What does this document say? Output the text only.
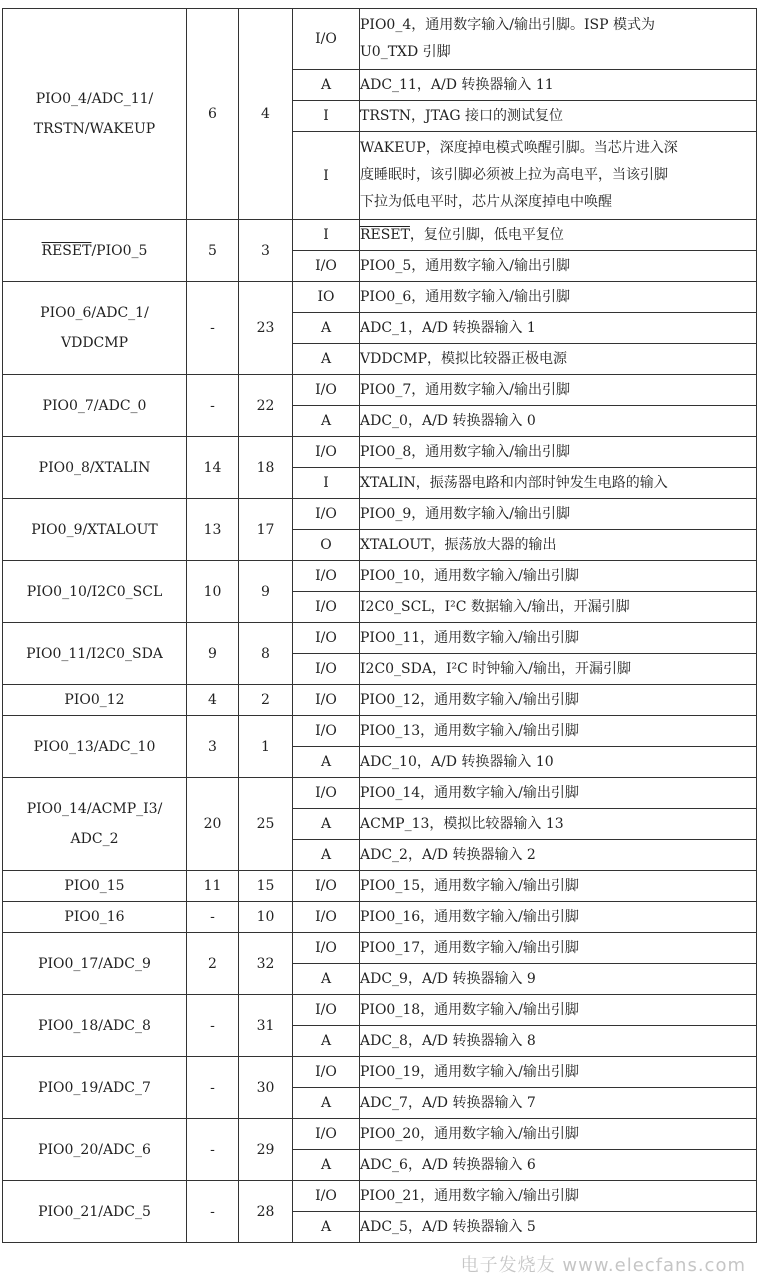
PIO0_4/ADC_11/
TRSTN/WAKEUP	6	4	I/O	PIO0_4，通用数字输入/输出引脚。ISP 模式为
U0_TXD 引脚
			A	ADC_11，A/D 转换器输入 11
			I	TRSTN，JTAG 接口的测试复位
			I	WAKEUP，深度掉电模式唤醒引脚。当芯片进入深
度睡眠时，该引脚必须被上拉为高电平，当该引脚
下拉为低电平时，芯片从深度掉电中唤醒
RESET/PIO0_5	5	3	I	RESET，复位引脚，低电平复位
			I/O	PIO0_5，通用数字输入/输出引脚
PIO0_6/ADC_1/
VDDCMP	-	23	IO	PIO0_6，通用数字输入/输出引脚
			A	ADC_1，A/D 转换器输入 1
			A	VDDCMP，模拟比较器正极电源
PIO0_7/ADC_0	-	22	I/O	PIO0_7，通用数字输入/输出引脚
			A	ADC_0，A/D 转换器输入 0
PIO0_8/XTALIN	14	18	I/O	PIO0_8，通用数字输入/输出引脚
			I	XTALIN，振荡器电路和内部时钟发生电路的输入
PIO0_9/XTALOUT	13	17	I/O	PIO0_9，通用数字输入/输出引脚
			O	XTALOUT，振荡放大器的输出
PIO0_10/I2C0_SCL	10	9	I/O	PIO0_10，通用数字输入/输出引脚
			I/O	I2C0_SCL，I²C 数据输入/输出，开漏引脚
PIO0_11/I2C0_SDA	9	8	I/O	PIO0_11，通用数字输入/输出引脚
			I/O	I2C0_SDA，I²C 时钟输入/输出，开漏引脚
PIO0_12	4	2	I/O	PIO0_12，通用数字输入/输出引脚
PIO0_13/ADC_10	3	1	I/O	PIO0_13，通用数字输入/输出引脚
			A	ADC_10，A/D 转换器输入 10
PIO0_14/ACMP_I3/
ADC_2	20	25	I/O	PIO0_14，通用数字输入/输出引脚
			A	ACMP_13，模拟比较器输入 13
			A	ADC_2，A/D 转换器输入 2
PIO0_15	11	15	I/O	PIO0_15，通用数字输入/输出引脚
PIO0_16	-	10	I/O	PIO0_16，通用数字输入/输出引脚
PIO0_17/ADC_9	2	32	I/O	PIO0_17，通用数字输入/输出引脚
			A	ADC_9，A/D 转换器输入 9
PIO0_18/ADC_8	-	31	I/O	PIO0_18，通用数字输入/输出引脚
			A	ADC_8，A/D 转换器输入 8
PIO0_19/ADC_7	-	30	I/O	PIO0_19，通用数字输入/输出引脚
			A	ADC_7，A/D 转换器输入 7
PIO0_20/ADC_6	-	29	I/O	PIO0_20，通用数字输入/输出引脚
			A	ADC_6，A/D 转换器输入 6
PIO0_21/ADC_5	-	28	I/O	PIO0_21，通用数字输入/输出引脚
			A	ADC_5，A/D 转换器输入 5
电子发烧友 www.elecfans.com
